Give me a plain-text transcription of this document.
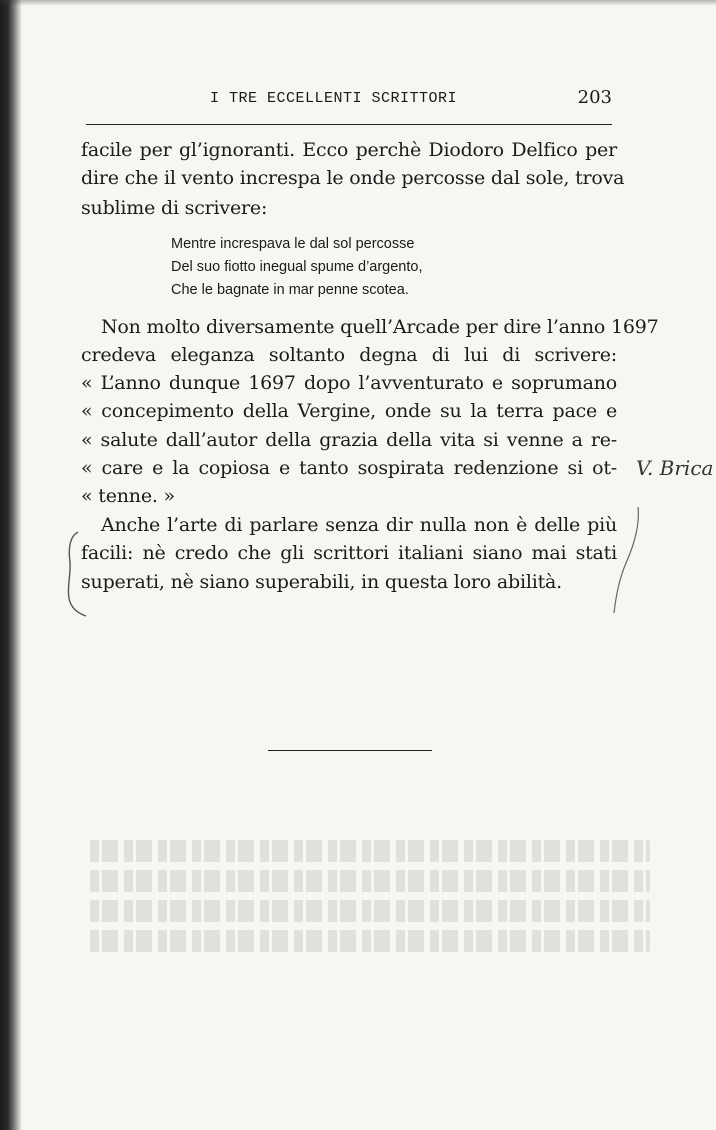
I TRE ECCELLENTI SCRITTORI	203
facile per gl’ignoranti. Ecco perchè Diodoro Delfico per
dire che il vento increspa le onde percosse dal sole, trova
sublime di scrivere:
Mentre increspava le dal sol percosse
Del suo fiotto inegual spume d’argento,
Che le bagnate in mar penne scotea.
Non molto diversamente quell’Arcade per dire l’anno 1697
credeva eleganza soltanto degna di lui di scrivere:
« L’anno dunque 1697 dopo l’avventurato e soprumano
« concepimento della Vergine, onde su la terra pace e
« salute dall’autor della grazia della vita si venne a re-
« care e la copiosa e tanto sospirata redenzione si ot-
« tenne. »
Anche l’arte di parlare senza dir nulla non è delle più
facili: nè credo che gli scrittori italiani siano mai stati
superati, nè siano superabili, in questa loro abilità.
V. Brica
